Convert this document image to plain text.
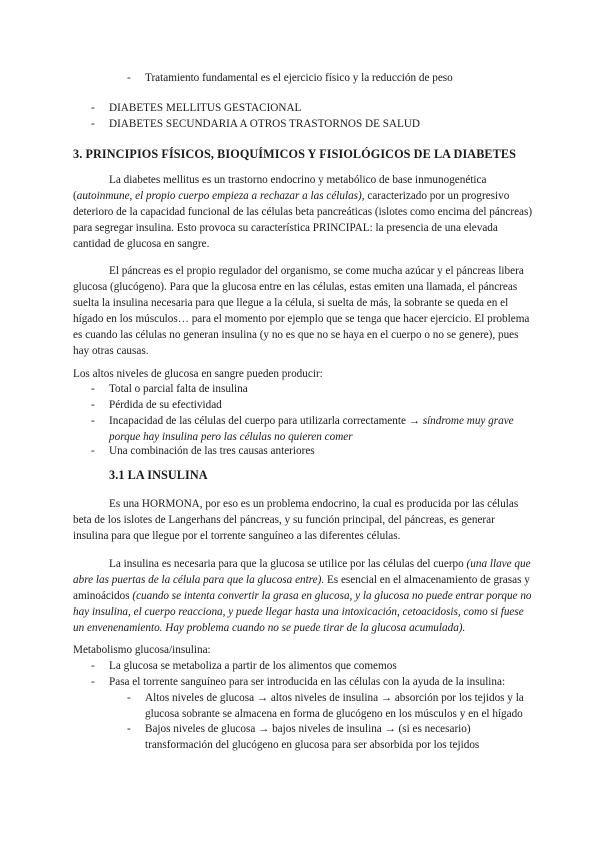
- Tratamiento fundamental es el ejercicio físico y la reducción de peso
- DIABETES MELLITUS GESTACIONAL
- DIABETES SECUNDARIA A OTROS TRASTORNOS DE SALUD
3. PRINCIPIOS FÍSICOS, BIOQUÍMICOS Y FISIOLÓGICOS DE LA DIABETES

La diabetes mellitus es un trastorno endocrino y metabólico de base inmunogenética (autoinmune, el propio cuerpo empieza a rechazar a las células), caracterizado por un progresivo deterioro de la capacidad funcional de las células beta pancreáticas (islotes como encima del páncreas) para segregar insulina. Esto provoca su característica PRINCIPAL: la presencia de una elevada cantidad de glucosa en sangre.

El páncreas es el propio regulador del organismo, se come mucha azúcar y el páncreas libera glucosa (glucógeno). Para que la glucosa entre en las células, estas emiten una llamada, el páncreas suelta la insulina necesaria para que llegue a la célula, si suelta de más, la sobrante se queda en el hígado en los músculos… para el momento por ejemplo que se tenga que hacer ejercicio. El problema es cuando las células no generan insulina (y no es que no se haya en el cuerpo o no se genere), pues hay otras causas.

Los altos niveles de glucosa en sangre pueden producir:
- Total o parcial falta de insulina
- Pérdida de su efectividad
- Incapacidad de las células del cuerpo para utilizarla correctamente → síndrome muy grave porque hay insulina pero las células no quieren comer

- Una combinación de las tres causas anteriores
3.1 LA INSULINA

Es una HORMONA, por eso es un problema endocrino, la cual es producida por las células beta de los islotes de Langerhans del páncreas, y su función principal, del páncreas, es generar insulina para que llegue por el torrente sanguíneo a las diferentes células.

La insulina es necesaria para que la glucosa se utilice por las células del cuerpo (una llave que abre las puertas de la célula para que la glucosa entre). Es esencial en el almacenamiento de grasas y aminoácidos (cuando se intenta convertir la grasa en glucosa, y la glucosa no puede entrar porque no hay insulina, el cuerpo reacciona, y puede llegar hasta una intoxicación, cetoacidosis, como si fuese un envenenamiento. Hay problema cuando no se puede tirar de la glucosa acumulada).

Metabolismo glucosa/insulina:
- La glucosa se metaboliza a partir de los alimentos que comemos
- Pasa el torrente sanguíneo para ser introducida en las células con la ayuda de la insulina:
- Altos niveles de glucosa → altos niveles de insulina → absorción por los tejidos y la glucosa sobrante se almacena en forma de glucógeno en los músculos y en el hígado

- Bajos niveles de glucosa → bajos niveles de insulina → (si es necesario) transformación del glucógeno en glucosa para ser absorbida por los tejidos
